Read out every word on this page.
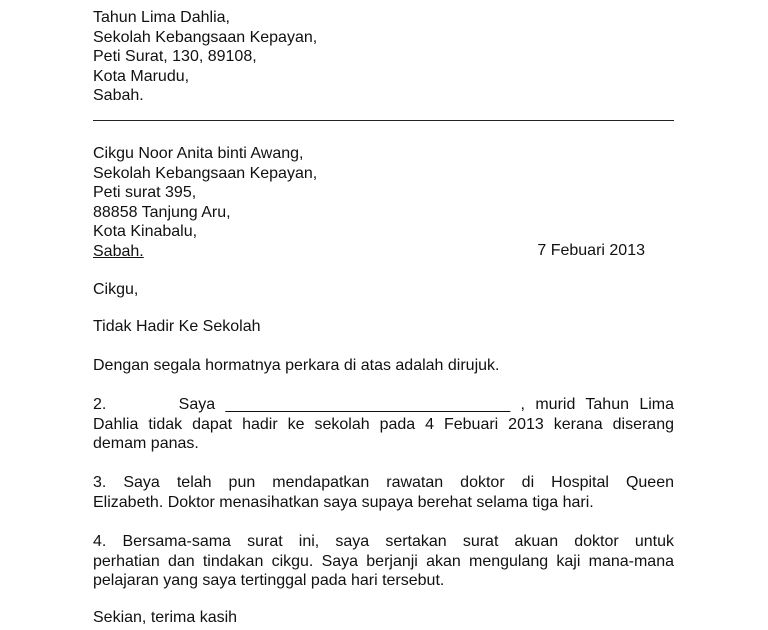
Tahun Lima Dahlia,
Sekolah Kebangsaan Kepayan,
Peti Surat, 130, 89108,
Kota Marudu,
Sabah.
Cikgu Noor Anita binti Awang,
Sekolah Kebangsaan Kepayan,
Peti surat 395,
88858 Tanjung Aru,
Kota Kinabalu,
Sabah.	7 Febuari 2013
Cikgu,
Tidak Hadir Ke Sekolah
Dengan segala hormatnya perkara di atas adalah dirujuk.
2.       Saya ________________________________ , murid Tahun Lima
Dahlia tidak dapat hadir ke sekolah pada 4 Febuari 2013 kerana diserang
demam panas.
3. Saya telah pun mendapatkan rawatan doktor di Hospital Queen
Elizabeth. Doktor menasihatkan saya supaya berehat selama tiga hari.
4. Bersama-sama surat ini, saya sertakan surat akuan doktor untuk
perhatian dan tindakan cikgu. Saya berjanji akan mengulang kaji mana-mana
pelajaran yang saya tertinggal pada hari tersebut.
Sekian, terima kasih
